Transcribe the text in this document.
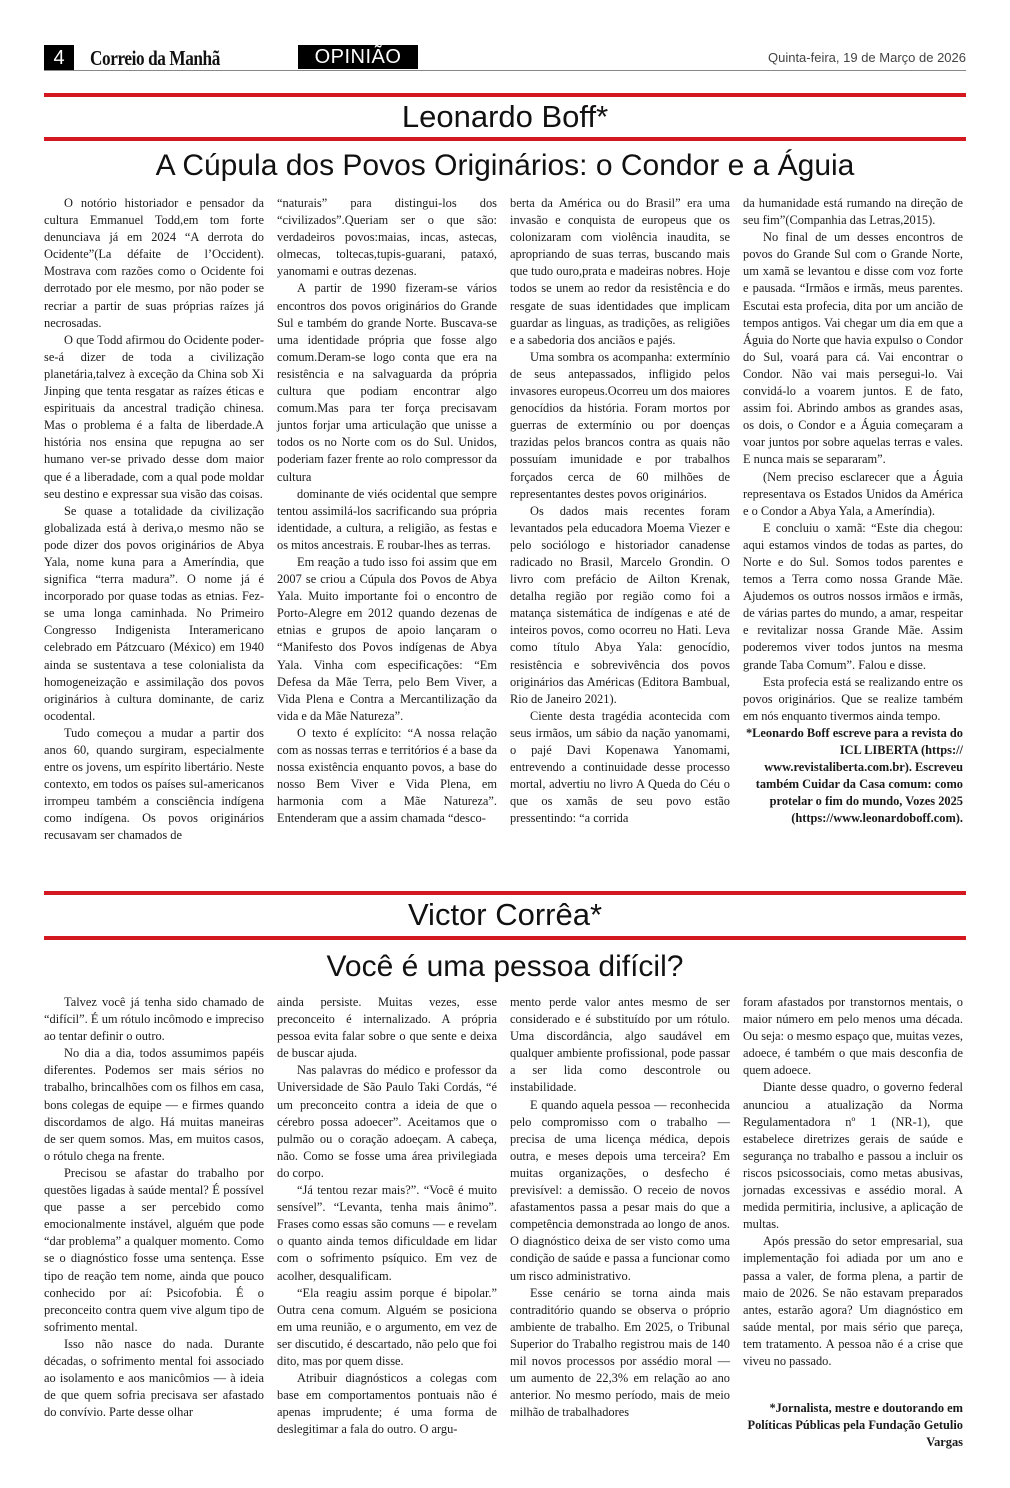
4	Correio da Manhã	OPINIÃO	Quinta-feira, 19 de Março de 2026
Leonardo Boff*
A Cúpula dos Povos Originários: o Condor e a Águia

O notório historiador e pensador da cultura Emmanuel Todd,em tom forte denunciava já em 2024 “A derrota do Ocidente”(La défaite de l’Occident). Mostrava com razões como o Ocidente foi derrotado por ele mesmo, por não poder se recriar a partir de suas próprias raízes já necrosadas.

O que Todd afirmou do Ocidente poder-se-á dizer de toda a civilização planetária,talvez à exceção da China sob Xi Jinping que tenta resgatar as raízes éticas e espirituais da ancestral tradição chinesa. Mas o problema é a falta de liberdade.A história nos ensina que repugna ao ser humano ver-se privado desse dom maior que é a liberadade, com a qual pode moldar seu destino e expressar sua visão das coisas.

Se quase a totalidade da civilização globalizada está à deriva,o mesmo não se pode dizer dos povos originários de Abya Yala, nome kuna para a Ameríndia, que significa “terra madura”. O nome já é incorporado por quase todas as etnias. Fez-se uma longa caminhada. No Primeiro Congresso Indigenista Interamericano celebrado em Pátzcuaro (México) em 1940 ainda se sustentava a tese colonialista da homogeneização e assimilação dos povos originários à cultura dominante, de cariz ocodental.

Tudo começou a mudar a partir dos anos 60, quando surgiram, especialmente entre os jovens, um espírito libertário. Neste contexto, em todos os países sul-americanos irrompeu também a consciência indígena como indígena. Os povos originários recusavam ser chamados de

“naturais” para distingui-los dos “civilizados”.Queriam ser o que são: verdadeiros povos:maias, incas, astecas, olmecas, toltecas,tupis-guarani, pataxó, yanomami e outras dezenas.

A partir de 1990 fizeram-se vários encontros dos povos originários do Grande Sul e também do grande Norte. Buscava-se uma identidade própria que fosse algo comum.Deram-se logo conta que era na resistência e na salvaguarda da própria cultura que podiam encontrar algo comum.Mas para ter força precisavam juntos forjar uma articulação que unisse a todos os no Norte com os do Sul. Unidos, poderiam fazer frente ao rolo compressor da cultura

dominante de viés ocidental que sempre tentou assimilá-los sacrificando sua própria identidade, a cultura, a religião, as festas e os mitos ancestrais. E roubar-lhes as terras.

Em reação a tudo isso foi assim que em 2007 se criou a Cúpula dos Povos de Abya Yala. Muito importante foi o encontro de Porto-Alegre em 2012 quando dezenas de etnias e grupos de apoio lançaram o “Manifesto dos Povos indígenas de Abya Yala. Vinha com especificações: “Em Defesa da Mãe Terra, pelo Bem Viver, a Vida Plena e Contra a Mercantilização da vida e da Mãe Natureza”.

O texto é explícito: “A nossa relação com as nossas terras e territórios é a base da nossa existência enquanto povos, a base do nosso Bem Viver e Vida Plena, em harmonia com a Mãe Natureza”. Entenderam que a assim chamada “desco-

berta da América ou do Brasil” era uma invasão e conquista de europeus que os colonizaram com violência inaudita, se apropriando de suas terras, buscando mais que tudo ouro,prata e madeiras nobres. Hoje todos se unem ao redor da resistência e do resgate de suas identidades que implicam guardar as linguas, as tradições, as religiões e a sabedoria dos anciãos e pajés.

Uma sombra os acompanha: extermínio de seus antepassados, infligido pelos invasores europeus.Ocorreu um dos maiores genocídios da história. Foram mortos por guerras de extermínio ou por doenças trazidas pelos brancos contra as quais não possuíam imunidade e por trabalhos forçados cerca de 60 milhões de representantes destes povos originários.

Os dados mais recentes foram levantados pela educadora Moema Viezer e pelo sociólogo e historiador canadense radicado no Brasil, Marcelo Grondin. O livro com prefácio de Ailton Krenak, detalha região por região como foi a matança sistemática de indígenas e até de inteiros povos, como ocorreu no Hati. Leva como título Abya Yala: genocídio, resistência e sobrevivência dos povos originários das Américas (Editora Bambual, Rio de Janeiro 2021).

Ciente desta tragédia acontecida com seus irmãos, um sábio da nação yanomami, o pajé Davi Kopenawa Yanomami, entrevendo a continuidade desse processo mortal, advertiu no livro A Queda do Céu o que os xamãs de seu povo estão pressentindo: “a corrida

da humanidade está rumando na direção de seu fim”(Companhia das Letras,2015).

No final de um desses encontros de povos do Grande Sul com o Grande Norte, um xamã se levantou e disse com voz forte e pausada. “Irmãos e irmãs, meus parentes. Escutai esta profecia, dita por um ancião de tempos antigos. Vai chegar um dia em que a Águia do Norte que havia expulso o Condor do Sul, voará para cá. Vai encontrar o Condor. Não vai mais persegui-lo. Vai convidá-lo a voarem juntos. E de fato, assim foi. Abrindo ambos as grandes asas, os dois, o Condor e a Águia começaram a voar juntos por sobre aquelas terras e vales. E nunca mais se separaram”.

(Nem preciso esclarecer que a Águia representava os Estados Unidos da América e o Condor a Abya Yala, a Ameríndia).

E concluiu o xamã: “Este dia chegou: aqui estamos vindos de todas as partes, do Norte e do Sul. Somos todos parentes e temos a Terra como nossa Grande Mãe. Ajudemos os outros nossos irmãos e irmãs, de várias partes do mundo, a amar, respeitar e revitalizar nossa Grande Mãe. Assim poderemos viver todos juntos na mesma grande Taba Comum”. Falou e disse.

Esta profecia está se realizando entre os povos originários. Que se realize também em nós enquanto tivermos ainda tempo.

*Leonardo Boff escreve para a revista do ICL LIBERTA (https:// www.revistaliberta.com.br). Escreveu também Cuidar da Casa comum: como protelar o fim do mundo, Vozes 2025 (https://www.leonardoboff.com).

Victor Corrêa*
Você é uma pessoa difícil?

Talvez você já tenha sido chamado de “difícil”. É um rótulo incômodo e impreciso ao tentar definir o outro.

No dia a dia, todos assumimos papéis diferentes. Podemos ser mais sérios no trabalho, brincalhões com os filhos em casa, bons colegas de equipe — e firmes quando discordamos de algo. Há muitas maneiras de ser quem somos. Mas, em muitos casos, o rótulo chega na frente.

Precisou se afastar do trabalho por questões ligadas à saúde mental? É possível que passe a ser percebido como emocionalmente instável, alguém que pode “dar problema” a qualquer momento. Como se o diagnóstico fosse uma sentença. Esse tipo de reação tem nome, ainda que pouco conhecido por aí: Psicofobia. É o preconceito contra quem vive algum tipo de sofrimento mental.

Isso não nasce do nada. Durante décadas, o sofrimento mental foi associado ao isolamento e aos manicômios — à ideia de que quem sofria precisava ser afastado do convívio. Parte desse olhar

ainda persiste. Muitas vezes, esse preconceito é internalizado. A própria pessoa evita falar sobre o que sente e deixa de buscar ajuda.

Nas palavras do médico e professor da Universidade de São Paulo Taki Cordás, “é um preconceito contra a ideia de que o cérebro possa adoecer”. Aceitamos que o pulmão ou o coração adoeçam. A cabeça, não. Como se fosse uma área privilegiada do corpo.

“Já tentou rezar mais?”. “Você é muito sensível”. “Levanta, tenha mais ânimo”. Frases como essas são comuns — e revelam o quanto ainda temos dificuldade em lidar com o sofrimento psíquico. Em vez de acolher, desqualificam.

“Ela reagiu assim porque é bipolar.” Outra cena comum. Alguém se posiciona em uma reunião, e o argumento, em vez de ser discutido, é descartado, não pelo que foi dito, mas por quem disse.

Atribuir diagnósticos a colegas com base em comportamentos pontuais não é apenas imprudente; é uma forma de deslegitimar a fala do outro. O argu-

mento perde valor antes mesmo de ser considerado e é substituído por um rótulo. Uma discordância, algo saudável em qualquer ambiente profissional, pode passar a ser lida como descontrole ou instabilidade.

E quando aquela pessoa — reconhecida pelo compromisso com o trabalho — precisa de uma licença médica, depois outra, e meses depois uma terceira? Em muitas organizações, o desfecho é previsível: a demissão. O receio de novos afastamentos passa a pesar mais do que a competência demonstrada ao longo de anos. O diagnóstico deixa de ser visto como uma condição de saúde e passa a funcionar como um risco administrativo.

Esse cenário se torna ainda mais contraditório quando se observa o próprio ambiente de trabalho. Em 2025, o Tribunal Superior do Trabalho registrou mais de 140 mil novos processos por assédio moral — um aumento de 22,3% em relação ao ano anterior. No mesmo período, mais de meio milhão de trabalhadores

foram afastados por transtornos mentais, o maior número em pelo menos uma década. Ou seja: o mesmo espaço que, muitas vezes, adoece, é também o que mais desconfia de quem adoece.

Diante desse quadro, o governo federal anunciou a atualização da Norma Regulamentadora nº 1 (NR-1), que estabelece diretrizes gerais de saúde e segurança no trabalho e passou a incluir os riscos psicossociais, como metas abusivas, jornadas excessivas e assédio moral. A medida permitiria, inclusive, a aplicação de multas.

Após pressão do setor empresarial, sua implementação foi adiada por um ano e passa a valer, de forma plena, a partir de maio de 2026. Se não estavam preparados antes, estarão agora? Um diagnóstico em saúde mental, por mais sério que pareça, tem tratamento. A pessoa não é a crise que viveu no passado.

*Jornalista, mestre e doutorando em Políticas Públicas pela Fundação Getulio Vargas
